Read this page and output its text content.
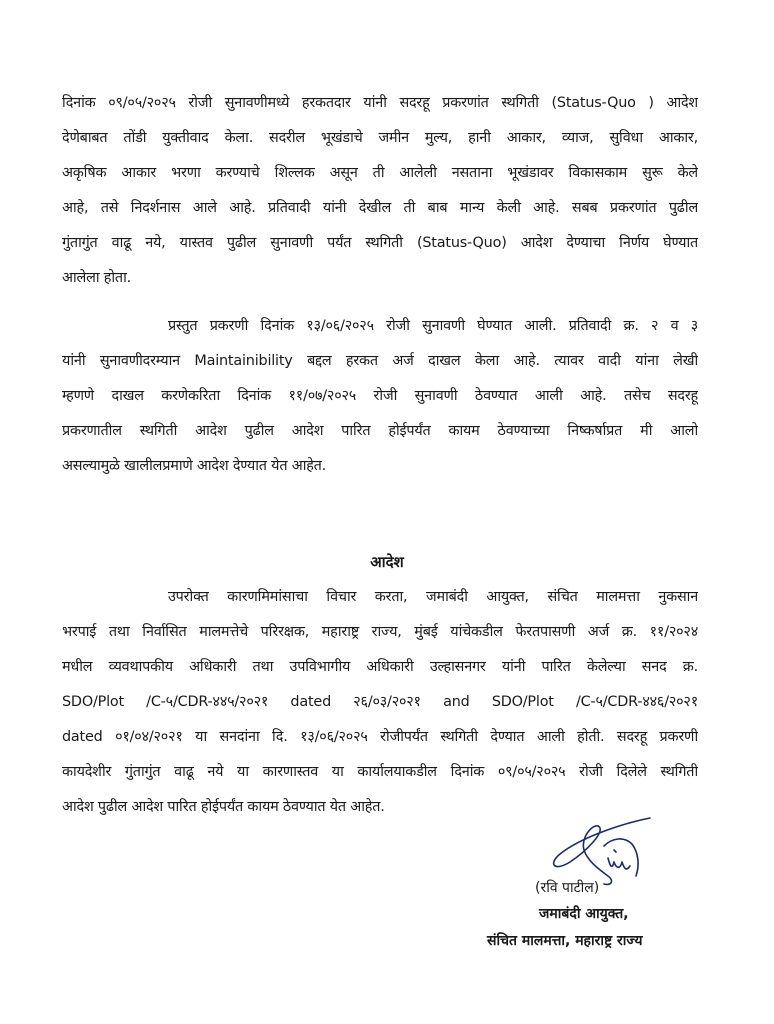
दिनांक ०९/०५/२०२५ रोजी सुनावणीमध्ये हरकतदार यांनी सदरहू प्रकरणांत स्थगिती (Status-Quo ) आदेश
देणेबाबत तोंडी युक्तीवाद केला. सदरील भूखंडाचे जमीन मुल्य, हानी आकार, व्याज, सुविधा आकार,
अकृषिक आकार भरणा करण्याचे शिल्लक असून ती आलेली नसताना भूखंडावर विकासकाम सुरू केले
आहे, तसे निदर्शनास आले आहे. प्रतिवादी यांनी देखील ती बाब मान्य केली आहे. सबब प्रकरणांत पुढील
गुंतागुंत वाढू नये, यास्तव पुढील सुनावणी पर्यंत स्थगिती (Status-Quo) आदेश देण्याचा निर्णय घेण्यात
आलेला होता.
प्रस्तुत प्रकरणी दिनांक १३/०६/२०२५ रोजी सुनावणी घेण्यात आली. प्रतिवादी क्र. २ व ३
यांनी सुनावणीदरम्यान Maintainibility बद्दल हरकत अर्ज दाखल केला आहे. त्यावर वादी यांना लेखी
म्हणणे दाखल करणेकरिता दिनांक ११/०७/२०२५ रोजी सुनावणी ठेवण्यात आली आहे. तसेच सदरहू
प्रकरणातील स्थगिती आदेश पुढील आदेश पारित होईपर्यंत कायम ठेवण्याच्या निष्कर्षाप्रत मी आलो
असल्यामुळे खालीलप्रमाणे आदेश देण्यात येत आहेत.
आदेश
उपरोक्त कारणमिमांसाचा विचार करता, जमाबंदी आयुक्त, संचित मालमत्ता नुकसान
भरपाई तथा निर्वासित मालमत्तेचे परिरक्षक, महाराष्ट्र राज्य, मुंबई यांचेकडील फेरतपासणी अर्ज क्र. ११/२०२४
मधील व्यवथापकीय अधिकारी तथा उपविभागीय अधिकारी उल्हासनगर यांनी पारित केलेल्या सनद क्र.
SDO/Plot /C-५/CDR-४४५/२०२१ dated २६/०३/२०२१ and SDO/Plot /C-५/CDR-४४६/२०२१
dated ०१/०४/२०२१ या सनदांना दि. १३/०६/२०२५ रोजीपर्यंत स्थगिती देण्यात आली होती. सदरहू प्रकरणी
कायदेशीर गुंतागुंत वाढू नये या कारणास्तव या कार्यालयाकडील दिनांक ०९/०५/२०२५ रोजी दिलेले स्थगिती
आदेश पुढील आदेश पारित होईपर्यंत कायम ठेवण्यात येत आहेत.
(रवि पाटील)
जमाबंदी आयुक्त,
संचित मालमत्ता, महाराष्ट्र राज्य
